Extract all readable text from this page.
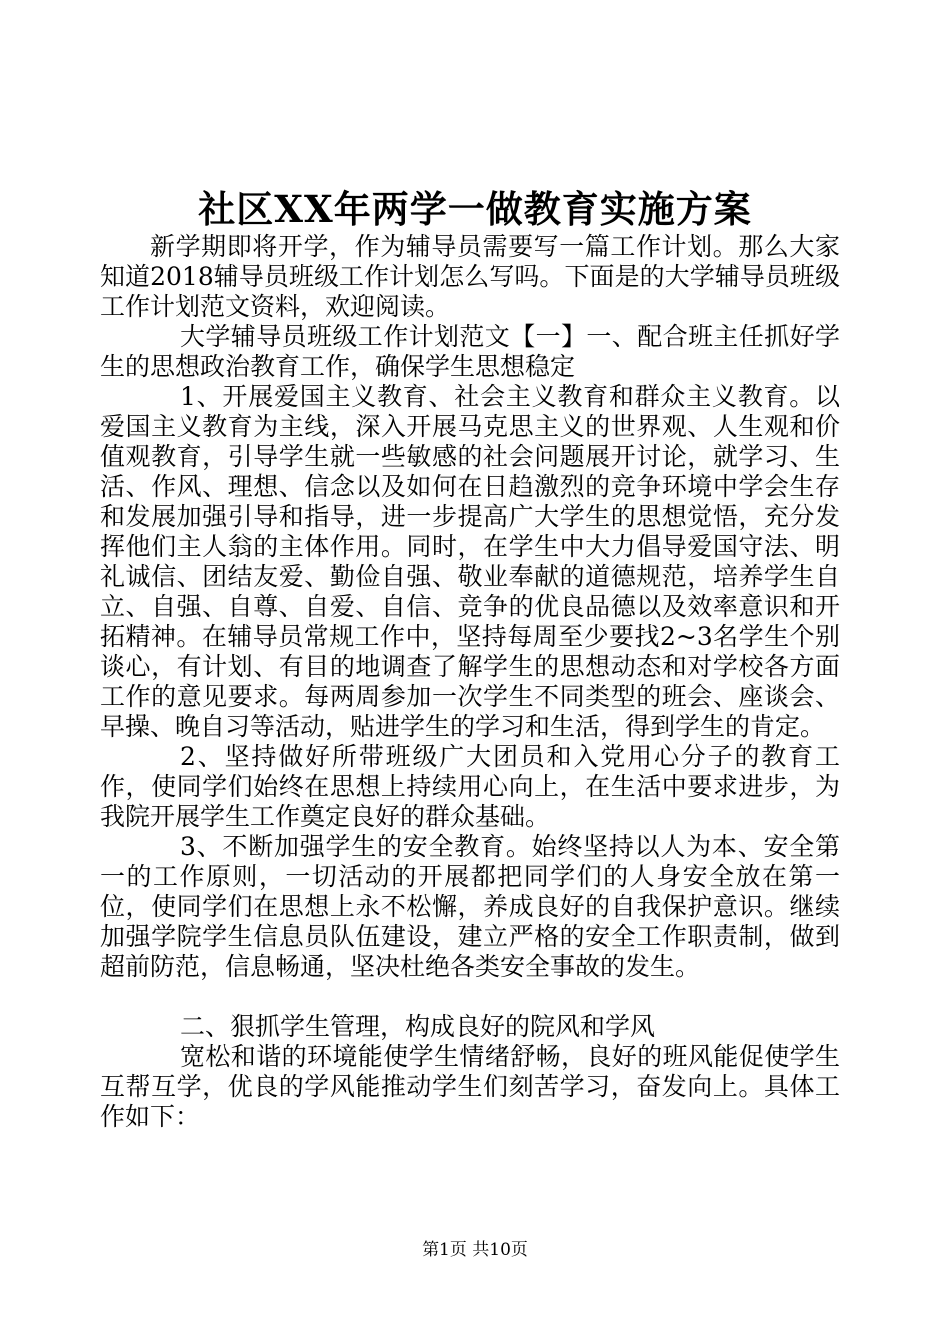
社区XX年两学一做教育实施方案

新学期即将开学，作为辅导员需要写一篇工作计划。那么大家知道2018辅导员班级工作计划怎么写吗。下面是的大学辅导员班级工作计划范文资料，欢迎阅读。

大学辅导员班级工作计划范文【一】一、配合班主任抓好学生的思想政治教育工作，确保学生思想稳定

1、开展爱国主义教育、社会主义教育和群众主义教育。以爱国主义教育为主线，深入开展马克思主义的世界观、人生观和价值观教育，引导学生就一些敏感的社会问题展开讨论，就学习、生活、作风、理想、信念以及如何在日趋激烈的竞争环境中学会生存和发展加强引导和指导，进一步提高广大学生的思想觉悟，充分发挥他们主人翁的主体作用。同时，在学生中大力倡导爱国守法、明礼诚信、团结友爱、勤俭自强、敬业奉献的道德规范，培养学生自立、自强、自尊、自爱、自信、竞争的优良品德以及效率意识和开拓精神。在辅导员常规工作中，坚持每周至少要找2~3名学生个别谈心，有计划、有目的地调查了解学生的思想动态和对学校各方面工作的意见要求。每两周参加一次学生不同类型的班会、座谈会、早操、晚自习等活动，贴进学生的学习和生活，得到学生的肯定。

2、坚持做好所带班级广大团员和入党用心分子的教育工作，使同学们始终在思想上持续用心向上，在生活中要求进步，为我院开展学生工作奠定良好的群众基础。

3、不断加强学生的安全教育。始终坚持以人为本、安全第一的工作原则，一切活动的开展都把同学们的人身安全放在第一位，使同学们在思想上永不松懈，养成良好的自我保护意识。继续加强学院学生信息员队伍建设，建立严格的安全工作职责制，做到超前防范，信息畅通，坚决杜绝各类安全事故的发生。

二、狠抓学生管理，构成良好的院风和学风

宽松和谐的环境能使学生情绪舒畅，良好的班风能促使学生互帮互学，优良的学风能推动学生们刻苦学习，奋发向上。具体工作如下：

第1页 共10页
